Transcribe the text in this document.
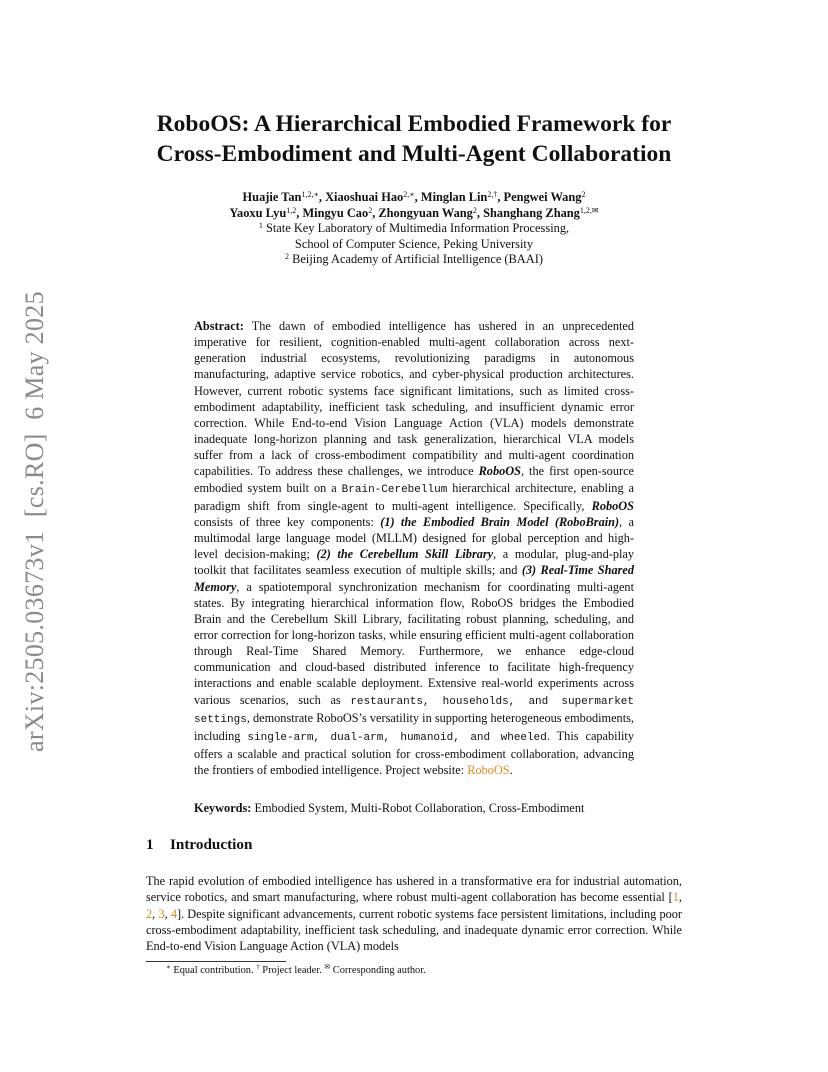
arXiv:2505.03673v1  [cs.RO]  6 May 2025
RoboOS: A Hierarchical Embodied Framework for
Cross-Embodiment and Multi-Agent Collaboration
Huajie Tan$^{1,2,∗}$, Xiaoshuai Hao$^{2,∗}$, Minglan Lin$^{2,\dagger}$, Pengwei Wang$^2$
Yaoxu Lyu$^{1,2}$, Mingyu Cao$^2$, Zhongyuan Wang$^2$, Shanghang Zhang$^{1,2,✉}$
$^1$ State Key Laboratory of Multimedia Information Processing,
School of Computer Science, Peking University
$^2$ Beijing Academy of Artificial Intelligence (BAAI)

Abstract: The dawn of embodied intelligence has ushered in an unprecedented imperative for resilient, cognition-enabled multi-agent collaboration across next-generation industrial ecosystems, revolutionizing paradigms in autonomous manufacturing, adaptive service robotics, and cyber-physical production architectures. However, current robotic systems face significant limitations, such as limited cross-embodiment adaptability, inefficient task scheduling, and insufficient dynamic error correction. While End-to-end Vision Language Action (VLA) models demonstrate inadequate long-horizon planning and task generalization, hierarchical VLA models suffer from a lack of cross-embodiment compatibility and multi-agent coordination capabilities. To address these challenges, we introduce RoboOS, the first open-source embodied system built on a Brain-Cerebellum hierarchical architecture, enabling a paradigm shift from single-agent to multi-agent intelligence. Specifically, RoboOS consists of three key components: (1) the Embodied Brain Model (RoboBrain), a multimodal large language model (MLLM) designed for global perception and high-level decision-making; (2) the Cerebellum Skill Library, a modular, plug-and-play toolkit that facilitates seamless execution of multiple skills; and (3) Real-Time Shared Memory, a spatiotemporal synchronization mechanism for coordinating multi-agent states. By integrating hierarchical information flow, RoboOS bridges the Embodied Brain and the Cerebellum Skill Library, facilitating robust planning, scheduling, and error correction for long-horizon tasks, while ensuring efficient multi-agent collaboration through Real-Time Shared Memory. Furthermore, we enhance edge-cloud communication and cloud-based distributed inference to facilitate high-frequency interactions and enable scalable deployment. Extensive real-world experiments across various scenarios, such as restaurants, households, and supermarket settings, demonstrate RoboOS’s versatility in supporting heterogeneous embodiments, including single-arm, dual-arm, humanoid, and wheeled. This capability offers a scalable and practical solution for cross-embodiment collaboration, advancing the frontiers of embodied intelligence. Project website: RoboOS.

Keywords: Embodied System, Multi-Robot Collaboration, Cross-Embodiment
1 Introduction

The rapid evolution of embodied intelligence has ushered in a transformative era for industrial automation, service robotics, and smart manufacturing, where robust multi-agent collaboration has become essential [1, 2, 3, 4]. Despite significant advancements, current robotic systems face persistent limitations, including poor cross-embodiment adaptability, inefficient task scheduling, and inadequate dynamic error correction. While End-to-end Vision Language Action (VLA) models

∗ Equal contribution. † Project leader. ✉ Corresponding author.
